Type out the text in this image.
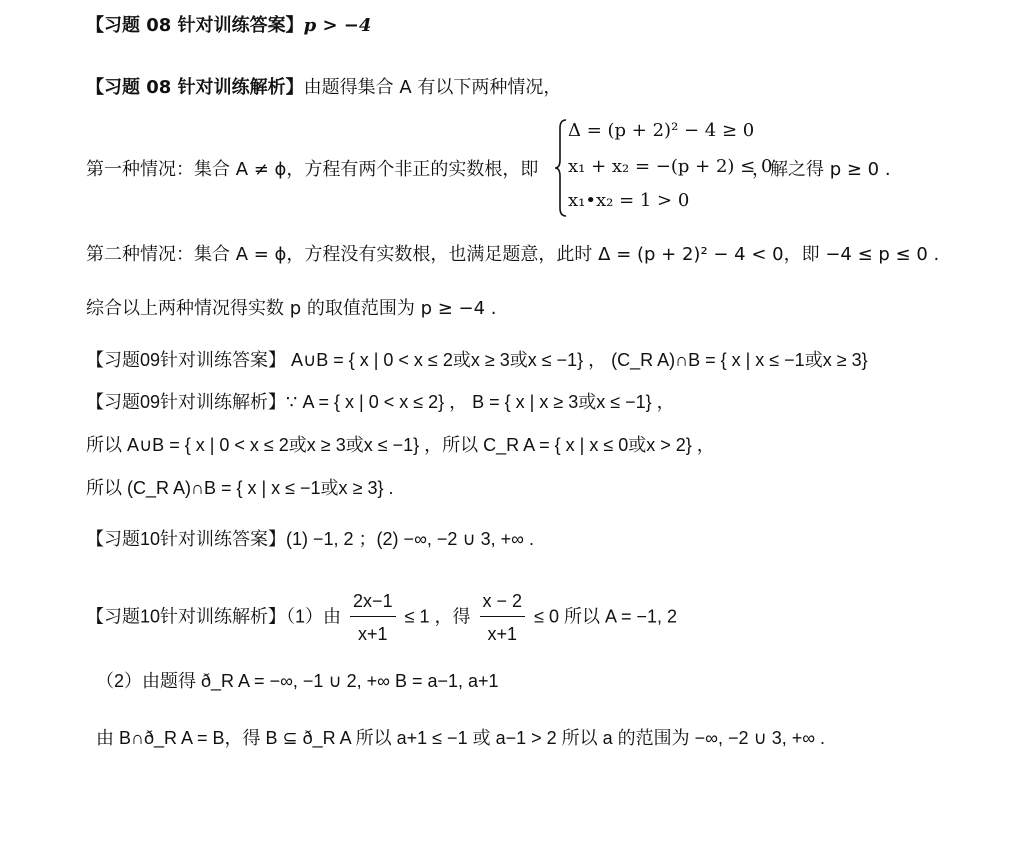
【习题 08 针对训练答案】p > −4
【习题 08 针对训练解析】由题得集合 A 有以下两种情况，
第一种情况：集合 A ≠ ϕ，方程有两个非正的实数根，即
Δ = (p + 2)² − 4 ≥ 0
x₁ + x₂ = −(p + 2) ≤ 0
x₁•x₂ = 1 > 0
，解之得 p ≥ 0 .
第二种情况：集合 A = ϕ，方程没有实数根，也满足题意，此时 Δ = (p + 2)² − 4 < 0，即 −4 ≤ p ≤ 0 .
综合以上两种情况得实数 p 的取值范围为 p ≥ −4 .
【习题09针对训练答案】 A∪B = { x | 0 < x ≤ 2或x ≥ 3或x ≤ −1} ， (C_R A)∩B = { x | x ≤ −1或x ≥ 3}
【习题09针对训练解析】∵ A = { x | 0 < x ≤ 2} ， B = { x | x ≥ 3或x ≤ −1} ，
所以 A∪B = { x | 0 < x ≤ 2或x ≥ 3或x ≤ −1} ，所以 C_R A = { x | x ≤ 0或x > 2} ，
所以 (C_R A)∩B = { x | x ≤ −1或x ≥ 3} .
【习题10针对训练答案】(1) −1, 2 ；(2) −∞, −2 ∪ 3, +∞ .
【习题10针对训练解析】（1）由 $\frac{2x-1}{x+1} \le 1$ ，得 $\frac{x - 2}{x+1} \le 0$ 所以 A = −1, 2
（2）由题得 ð_R A = −∞, −1 ∪ 2, +∞ B = a−1, a+1
由 B∩ð_R A = B，得 B ⊆ ð_R A 所以 a+1 ≤ −1 或 a−1 > 2 所以 a 的范围为 −∞, −2 ∪ 3, +∞ .
